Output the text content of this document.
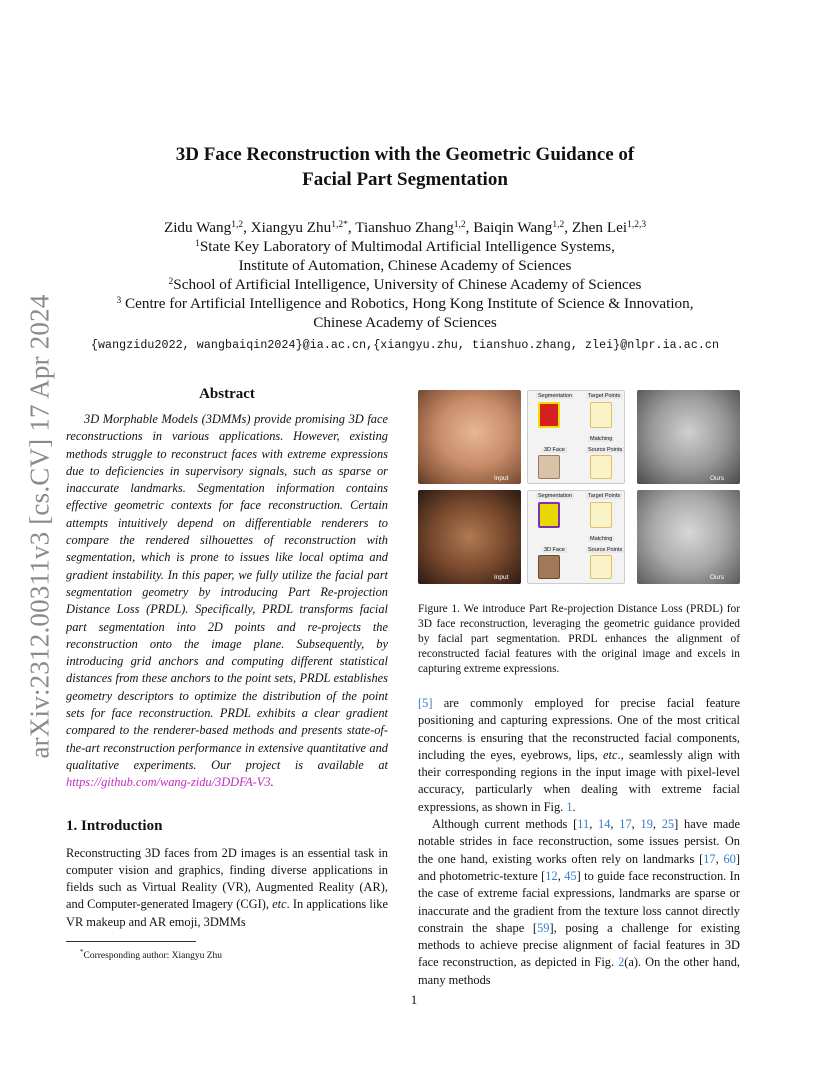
arXiv:2312.00311v3 [cs.CV] 17 Apr 2024
3D Face Reconstruction with the Geometric Guidance of
Facial Part Segmentation
Zidu Wang$^{1,2}$, Xiangyu Zhu$^{1,2*}$, Tianshuo Zhang$^{1,2}$, Baiqin Wang$^{1,2}$, Zhen Lei$^{1,2,3}$
$^1$State Key Laboratory of Multimodal Artificial Intelligence Systems,
Institute of Automation, Chinese Academy of Sciences
$^2$School of Artificial Intelligence, University of Chinese Academy of Sciences
$^3$ Centre for Artificial Intelligence and Robotics, Hong Kong Institute of Science & Innovation,
Chinese Academy of Sciences
{wangzidu2022, wangbaiqin2024}@ia.ac.cn,{xiangyu.zhu, tianshuo.zhang, zlei}@nlpr.ia.ac.cn
Abstract

3D Morphable Models (3DMMs) provide promising 3D face reconstructions in various applications. However, existing methods struggle to reconstruct faces with extreme expressions due to deficiencies in supervisory signals, such as sparse or inaccurate landmarks. Segmentation information contains effective geometric contexts for face reconstruction. Certain attempts intuitively depend on differentiable renderers to compare the rendered silhouettes of reconstruction with segmentation, which is prone to issues like local optima and gradient instability. In this paper, we fully utilize the facial part segmentation geometry by introducing Part Re-projection Distance Loss (PRDL). Specifically, PRDL transforms facial part segmentation into 2D points and re-projects the reconstruction onto the image plane. Subsequently, by introducing grid anchors and computing different statistical distances from these anchors to the point sets, PRDL establishes geometry descriptors to optimize the distribution of the point sets for face reconstruction. PRDL exhibits a clear gradient compared to the renderer-based methods and presents state-of-the-art reconstruction performance in extensive quantitative and qualitative experiments. Our project is available at https://github.com/wang-zidu/3DDFA-V3.

1. Introduction

Reconstructing 3D faces from 2D images is an essential task in computer vision and graphics, finding diverse applications in fields such as Virtual Reality (VR), Augmented Reality (AR), and Computer-generated Imagery (CGI), etc. In applications like VR makeup and AR emoji, 3DMMs

*Corresponding author: Xiangyu Zhu
Input
Segmentation	Target Points
Matching
3D Face	Source Points
Ours
Input
Segmentation	Target Points
Matching
3D Face	Source Points
Ours

Figure 1. We introduce Part Re-projection Distance Loss (PRDL) for 3D face reconstruction, leveraging the geometric guidance provided by facial part segmentation. PRDL enhances the alignment of reconstructed facial features with the original image and excels in capturing extreme expressions.

[5] are commonly employed for precise facial feature positioning and capturing expressions. One of the most critical concerns is ensuring that the reconstructed facial components, including the eyes, eyebrows, lips, etc., seamlessly align with their corresponding regions in the input image with pixel-level accuracy, particularly when dealing with extreme facial expressions, as shown in Fig. 1.

Although current methods [11, 14, 17, 19, 25] have made notable strides in face reconstruction, some issues persist. On the one hand, existing works often rely on landmarks [17, 60] and photometric-texture [12, 45] to guide face reconstruction. In the case of extreme facial expressions, landmarks are sparse or inaccurate and the gradient from the texture loss cannot directly constrain the shape [59], posing a challenge for existing methods to achieve precise alignment of facial features in 3D face reconstruction, as depicted in Fig. 2(a). On the other hand, many methods

1
